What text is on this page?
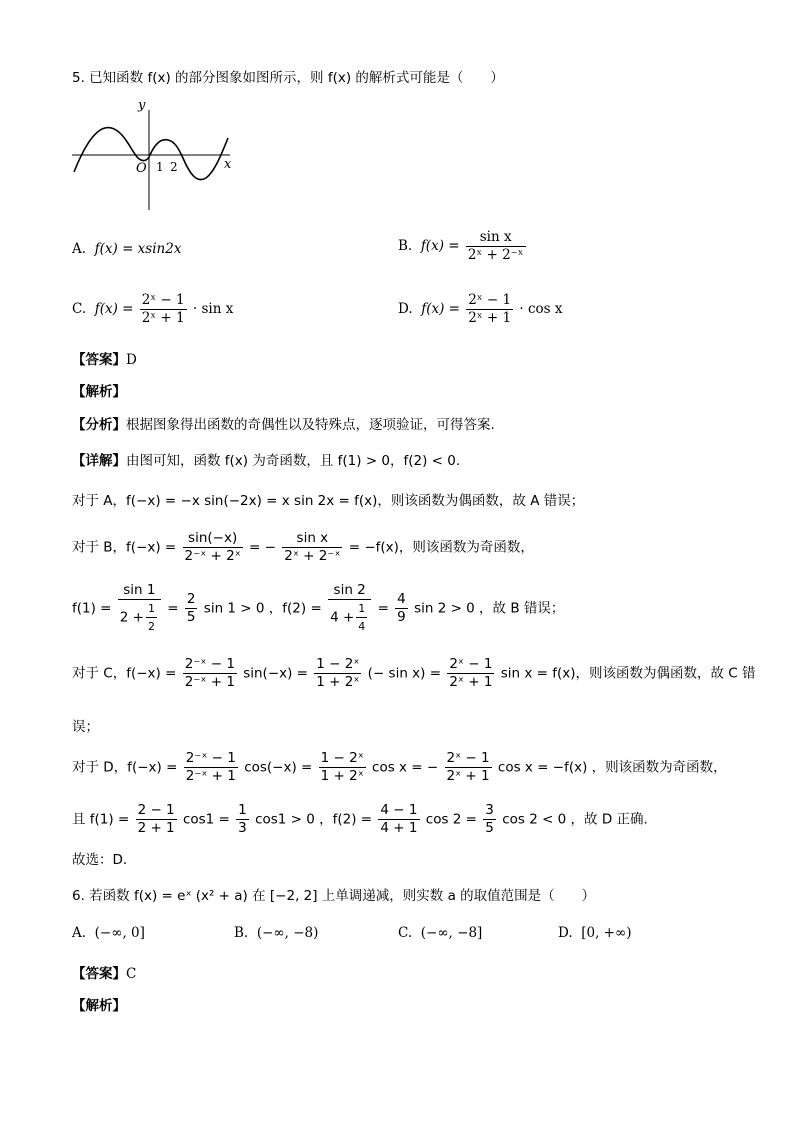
5. 已知函数 f(x) 的部分图象如图所示，则 f(x) 的解析式可能是（　　）
y
x
O 1 2
A. f(x) = xsin2x	B. $f(x) = \frac{\text{sin x}}{\text{2ˣ + 2⁻ˣ}}$
C. $f(x) = \frac{\text{2ˣ − 1}}{\text{2ˣ + 1}} \cdot \sin x$	D. $f(x) = \frac{\text{2ˣ − 1}}{\text{2ˣ + 1}} \cdot \cos x$
【答案】D
【解析】
【分析】根据图象得出函数的奇偶性以及特殊点，逐项验证，可得答案.
【详解】由图可知，函数 f(x) 为奇函数，且 f(1) > 0，f(2) < 0.
对于 A，f(−x) = −x sin(−2x) = x sin 2x = f(x)，则该函数为偶函数，故 A 错误；
对于 B，$f(-x) = \frac{\sin(-x)}{\text{2⁻ˣ + 2ˣ}}$ = − $\frac{\text{sin x}}{\text{2ˣ + 2⁻ˣ}} = -f(x)$，则该函数为奇函数，
$f(1) = \frac{\sin 1}{2 + \frac{1}{2}} = \frac{2}{5}$ sin 1 > 0 ，$f(2) = \frac{\sin 2}{4 + \frac{1}{4}} = \frac{4}{9}$ sin 2 > 0 ，故 B 错误；
对于 C，$f(-x) = \frac{\text{2⁻ˣ − 1}}{\text{2⁻ˣ + 1}} \sin(-x) = \frac{\text{1 − 2ˣ}}{\text{1 + 2ˣ}}$ (− $\sin x) = \frac{\text{2ˣ − 1}}{\text{2ˣ + 1}}$ sin x = f(x)，则该函数为偶函数，故 C 错
误；
对于 D，$f(-x) = \frac{\text{2⁻ˣ − 1}}{\text{2⁻ˣ + 1}} \cos(-x) = \frac{\text{1 − 2ˣ}}{\text{1 + 2ˣ}}$ cos x = − $\frac{\text{2ˣ − 1}}{\text{2ˣ + 1}}$ cos x = −f(x) ，则该函数为奇函数，
且 $f(1) = \frac{2 - 1}{2 + 1} \cos 1 = \frac{1}{3} \cos 1 > 0$ ，$f(2) = \frac{4 - 1}{4 + 1}$ $\cos 2 = \frac{3}{5}$ cos 2 < 0 ，故 D 正确.
故选：D.
6. 若函数 f(x) = eˣ (x² + a) 在 [−2, 2] 上单调递减，则实数 a 的取值范围是（　　）
A. (−∞, 0]	B. (−∞, −8)	C. (−∞, −8]	D. [0, +∞)
【答案】C
【解析】
